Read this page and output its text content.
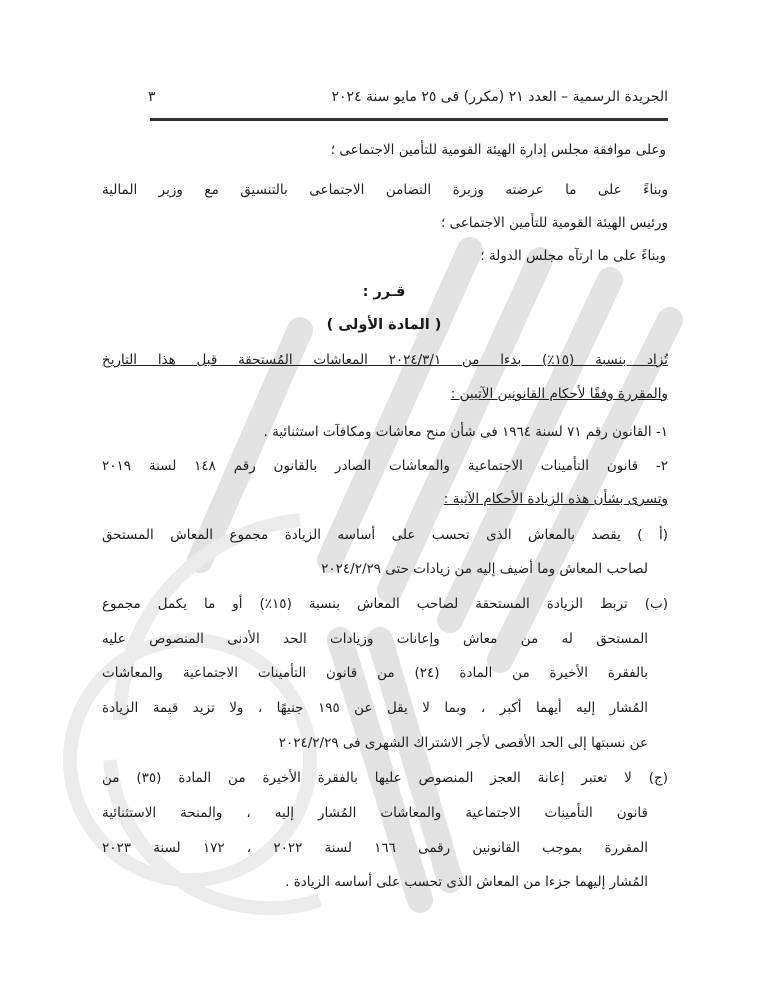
الجريدة الرسمية – العدد ٢١ (مكرر) فى ٢٥ مايو سنة ٢٠٢٤
٣
وعلى موافقة مجلس إدارة الهيئة القومية للتأمين الاجتماعى ؛
وبناءً على ما عرضته وزيرة التضامن الاجتماعى بالتنسيق مع وزير المالية
ورئيس الهيئة القومية للتأمين الاجتماعى ؛
وبناءً على ما ارتآه مجلس الدولة ؛
قـرر :
( المادة الأولى )
تُزاد بنسبة (١٥٪) بدءا من ٢٠٢٤/٣/١ المعاشات المُستحقة قبل هذا التاريخ
والمقررة وفقًا لأحكام القانونين الآتيين :
١- القانون رقم ٧١ لسنة ١٩٦٤ فى شأن منح معاشات ومكافآت استثنائية .
٢- قانون التأمينات الاجتماعية والمعاشات الصادر بالقانون رقم ١٤٨ لسنة ٢٠١٩
وتسرى بشأن هذه الزيادة الأحكام الآتية :
(أ ) يقصد بالمعاش الذى تحسب على أساسه الزيادة مجموع المعاش المستحق
لصاحب المعاش وما أضيف إليه من زيادات حتى ٢٠٢٤/٢/٢٩
(ب) تربط الزيادة المستحقة لصاحب المعاش بنسبة (١٥٪) أو ما يكمل مجموع
المستحق له من معاش وإعانات وزيادات الحد الأدنى المنصوص عليه
بالفقرة الأخيرة من المادة (٢٤) من قانون التأمينات الاجتماعية والمعاشات
المُشار إليه أيهما أكبر ، وبما لا يقل عن ١٩٥ جنيهًا ، ولا تزيد قيمة الزيادة
عن نسبتها إلى الحد الأقصى لأجر الاشتراك الشهرى فى ٢٠٢٤/٢/٢٩
(ج) لا تعتبر إعانة العجز المنصوص عليها بالفقرة الأخيرة من المادة (٣٥) من
قانون التأمينات الاجتماعية والمعاشات المُشار إليه ، والمنحة الاستثنائية
المقررة بموجب القانونين رقمى ١٦٦ لسنة ٢٠٢٢ ، ١٧٢ لسنة ٢٠٢٣
المُشار إليهما جزءا من المعاش الذى تحسب على أساسه الزيادة .
